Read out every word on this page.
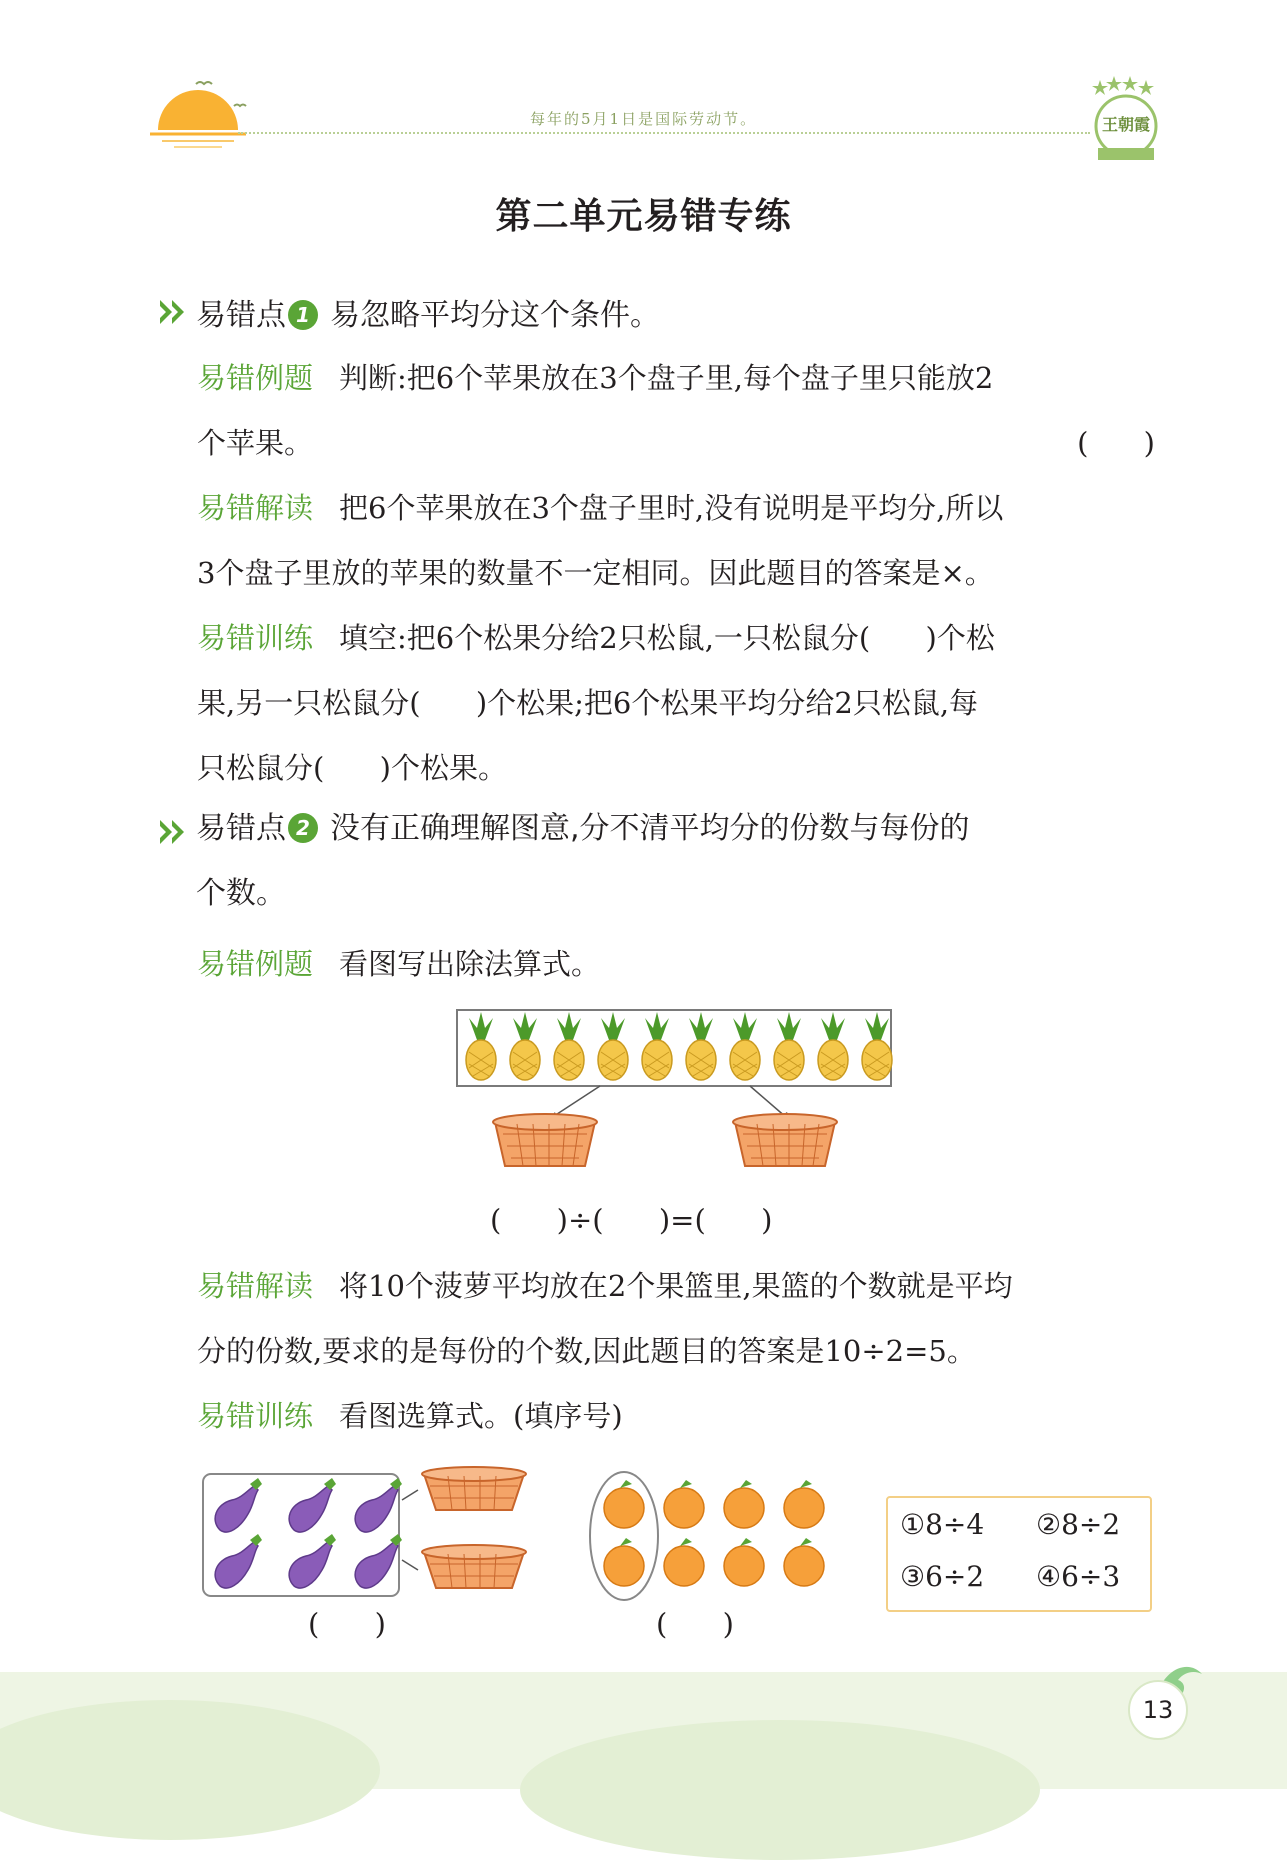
每年的5月1日是国际劳动节。	王朝霞
第二单元易错专练
易错点 1 易忽略平均分这个条件。
易错例题 判断:把6个苹果放在3个盘子里,每个盘子里只能放2
个苹果。	(      )
易错解读 把6个苹果放在3个盘子里时,没有说明是平均分,所以
3个盘子里放的苹果的数量不一定相同。因此题目的答案是×。
易错训练 填空:把6个松果分给2只松鼠,一只松鼠分(      )个松
果,另一只松鼠分(      )个松果;把6个松果平均分给2只松鼠,每
只松鼠分(      )个松果。
易错点 2 没有正确理解图意,分不清平均分的份数与每份的
个数。
易错例题 看图写出除法算式。
(      )÷(      )=(      )
易错解读 将10个菠萝平均放在2个果篮里,果篮的个数就是平均
分的份数,要求的是每份的个数,因此题目的答案是10÷2=5。
易错训练 看图选算式。(填序号)
(      )	(      )
①8÷4 ②8÷2
③6÷2 ④6÷3
13
